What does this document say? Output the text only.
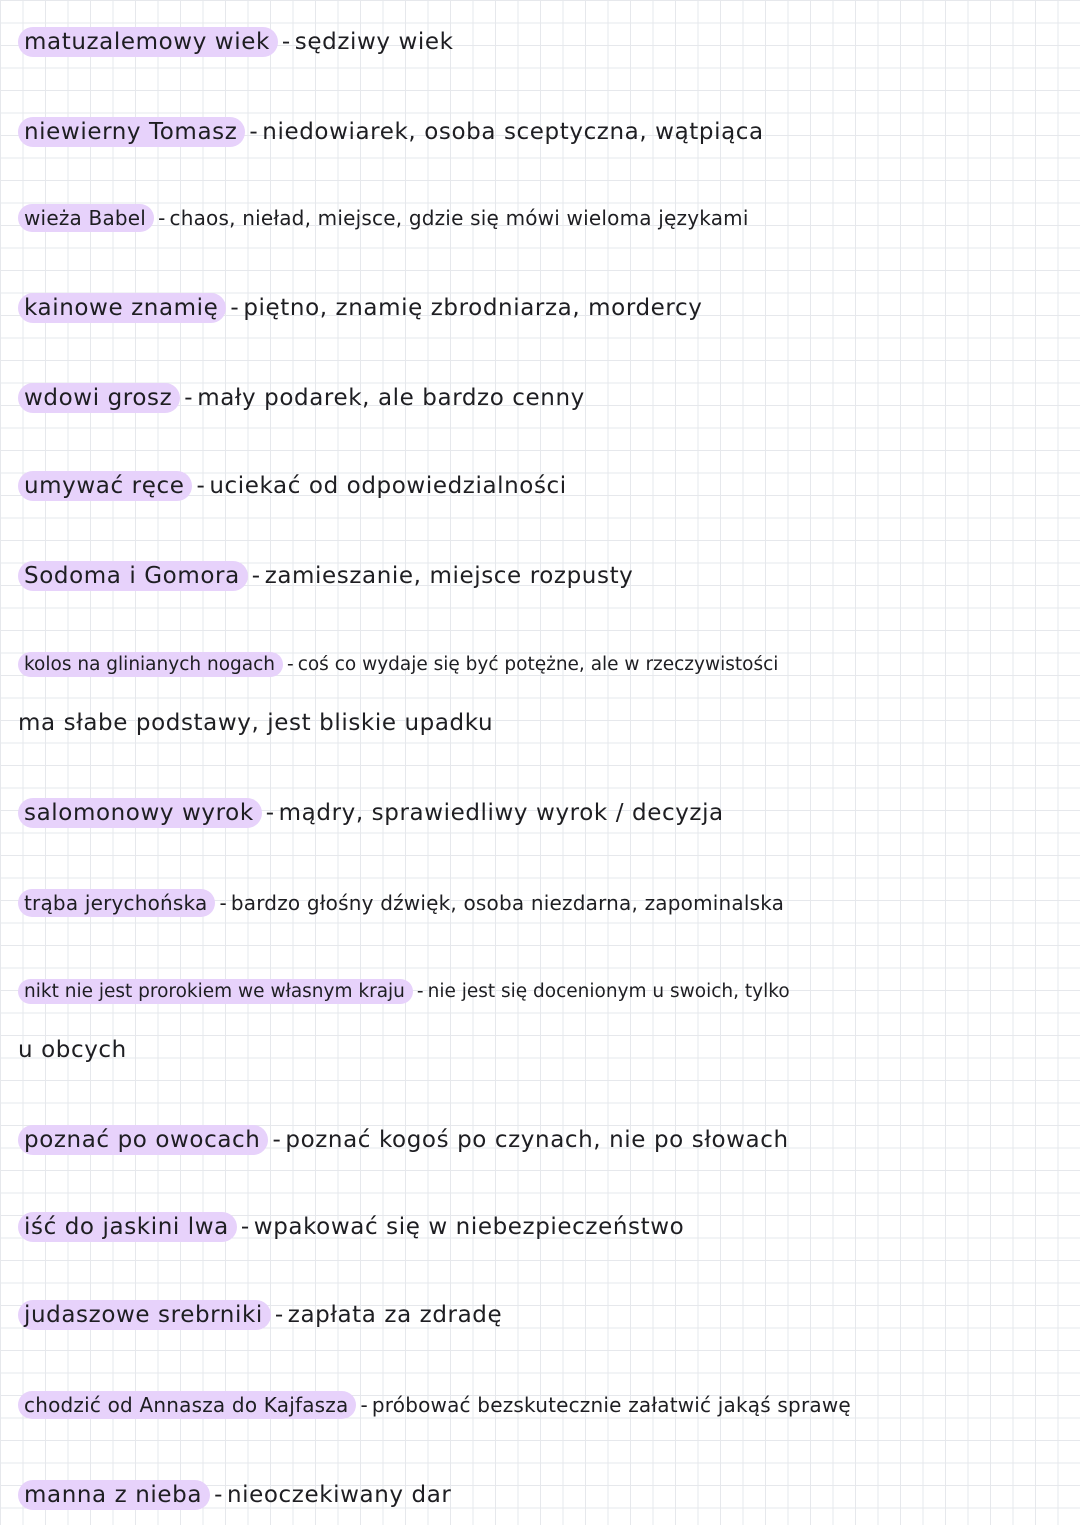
matuzalemowy wiek - sędziwy wiek
niewierny Tomasz - niedowiarek, osoba sceptyczna, wątpiąca
wieża Babel - chaos, nieład, miejsce, gdzie się mówi wieloma językami
kainowe znamię - piętno, znamię zbrodniarza, mordercy
wdowi grosz - mały podarek, ale bardzo cenny
umywać ręce - uciekać od odpowiedzialności
Sodoma i Gomora - zamieszanie, miejsce rozpusty
kolos na glinianych nogach - coś co wydaje się być potężne, ale w rzeczywistości
ma słabe podstawy, jest bliskie upadku
salomonowy wyrok - mądry, sprawiedliwy wyrok / decyzja
trąba jerychońska - bardzo głośny dźwięk, osoba niezdarna, zapominalska
nikt nie jest prorokiem we własnym kraju - nie jest się docenionym u swoich, tylko
u obcych
poznać po owocach - poznać kogoś po czynach, nie po słowach
iść do jaskini lwa - wpakować się w niebezpieczeństwo
judaszowe srebrniki - zapłata za zdradę
chodzić od Annasza do Kajfasza - próbować bezskutecznie załatwić jakąś sprawę
manna z nieba - nieoczekiwany dar
